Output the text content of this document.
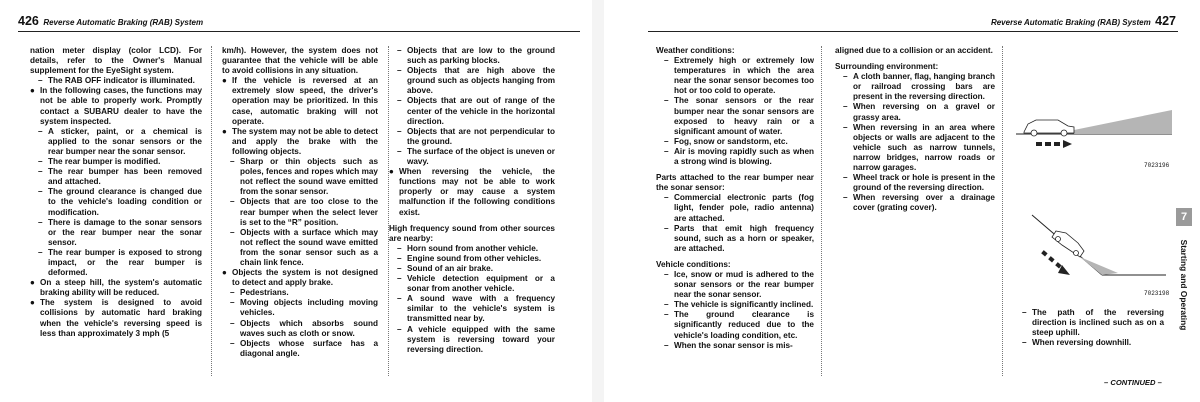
426 Reverse Automatic Braking (RAB) System
nation meter display (color LCD). For details, refer to the Owner's Manual supplement for the EyeSight system.
– The RAB OFF indicator is illuminated.
● In the following cases, the functions may not be able to properly work. Promptly contact a SUBARU dealer to have the system inspected.
– A sticker, paint, or a chemical is applied to the sonar sensors or the rear bumper near the sonar sensor.
– The rear bumper is modified.
– The rear bumper has been removed and attached.
– The ground clearance is changed due to the vehicle's loading condition or modification.
– There is damage to the sonar sensors or the rear bumper near the sonar sensor.
– The rear bumper is exposed to strong impact, or the rear bumper is deformed.
● On a steep hill, the system's automatic braking ability will be reduced.
● The system is designed to avoid collisions by automatic hard braking when the vehicle's reversing speed is less than approximately 3 mph (5
km/h). However, the system does not guarantee that the vehicle will be able to avoid collisions in any situation.
● If the vehicle is reversed at an extremely slow speed, the driver's operation may be prioritized. In this case, automatic braking will not operate.
● The system may not be able to detect and apply the brake with the following objects.
– Sharp or thin objects such as poles, fences and ropes which may not reflect the sound wave emitted from the sonar sensor.
– Objects that are too close to the rear bumper when the select lever is set to the “R” position.
– Objects with a surface which may not reflect the sound wave emitted from the sonar sensor such as a chain link fence.
● Objects the system is not designed to detect and apply brake.
– Pedestrians.
– Moving objects including moving vehicles.
– Objects which absorbs sound waves such as cloth or snow.
– Objects whose surface has a diagonal angle.
– Objects that are low to the ground such as parking blocks.
– Objects that are high above the ground such as objects hanging from above.
– Objects that are out of range of the center of the vehicle in the horizontal direction.
– Objects that are not perpendicular to the ground.
– The surface of the object is uneven or wavy.
● When reversing the vehicle, the functions may not be able to work properly or may cause a system malfunction if the following conditions exist.
High frequency sound from other sources are nearby:
– Horn sound from another vehicle.
– Engine sound from other vehicles.
– Sound of an air brake.
– Vehicle detection equipment or a sonar from another vehicle.
– A sound wave with a frequency similar to the vehicle's system is transmitted near by.
– A vehicle equipped with the same system is reversing toward your reversing direction.
Reverse Automatic Braking (RAB) System 427
Weather conditions:
– Extremely high or extremely low temperatures in which the area near the sonar sensor becomes too hot or too cold to operate.
– The sonar sensors or the rear bumper near the sonar sensors are exposed to heavy rain or a significant amount of water.
– Fog, snow or sandstorm, etc.
– Air is moving rapidly such as when a strong wind is blowing.
Parts attached to the rear bumper near the sonar sensor:
– Commercial electronic parts (fog light, fender pole, radio antenna) are attached.
– Parts that emit high frequency sound, such as a horn or speaker, are attached.
Vehicle conditions:
– Ice, snow or mud is adhered to the sonar sensors or the rear bumper near the sonar sensor.
– The vehicle is significantly inclined.
– The ground clearance is significantly reduced due to the vehicle's loading condition, etc.
– When the sonar sensor is mis-
aligned due to a collision or an accident.
Surrounding environment:
– A cloth banner, flag, hanging branch or railroad crossing bars are present in the reversing direction.
– When reversing on a gravel or grassy area.
– When reversing in an area where objects or walls are adjacent to the vehicle such as narrow tunnels, narrow bridges, narrow roads or narrow garages.
– Wheel track or hole is present in the ground of the reversing direction.
– When reversing over a drainage cover (grating cover).
– The path of the reversing direction is inclined such as on a steep uphill.
– When reversing downhill.
7023196
7023198
– CONTINUED –
7
Starting and Operating
